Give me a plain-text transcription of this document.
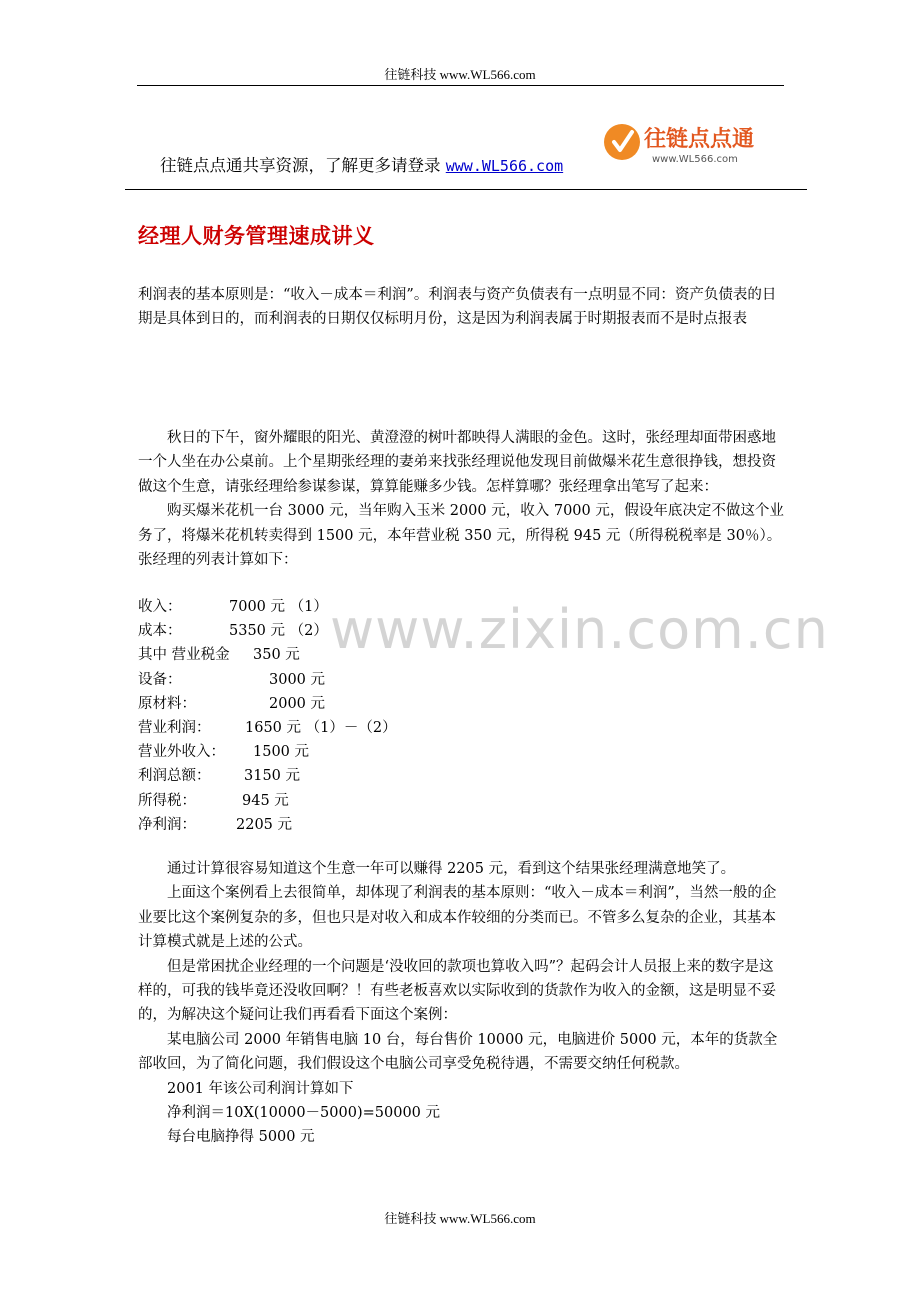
往链科技 www.WL566.com
往链点点通共享资源，了解更多请登录 www.WL566.com
往链点点通
www.WL566.com
经理人财务管理速成讲义

利润表的基本原则是：“收入－成本＝利润”。利润表与资产负债表有一点明显不同：资产负债表的日期是具体到日的，而利润表的日期仅仅标明月份，这是因为利润表属于时期报表而不是时点报表

秋日的下午，窗外耀眼的阳光、黄澄澄的树叶都映得人满眼的金色。这时，张经理却面带困惑地一个人坐在办公桌前。上个星期张经理的妻弟来找张经理说他发现目前做爆米花生意很挣钱，想投资做这个生意，请张经理给参谋参谋，算算能赚多少钱。怎样算哪？张经理拿出笔写了起来：

购买爆米花机一台 3000 元，当年购入玉米 2000 元，收入 7000 元，假设年底决定不做这个业务了，将爆米花机转卖得到 1500 元，本年营业税 350 元，所得税 945 元（所得税税率是 30％）。张经理的列表计算如下：

收入：	7000 元 （1）
成本：	5350 元 （2）
其中 营业税金 350 元
设备：	3000 元
原材料：	2000 元
营业利润： 1650 元 （1）－（2）
营业外收入： 1500 元
利润总额： 3150 元
所得税：	945 元
净利润：	2205 元
www.zixin.com.cn

通过计算很容易知道这个生意一年可以赚得 2205 元，看到这个结果张经理满意地笑了。

上面这个案例看上去很简单，却体现了利润表的基本原则：“收入－成本＝利润”，当然一般的企业要比这个案例复杂的多，但也只是对收入和成本作较细的分类而已。不管多么复杂的企业，其基本计算模式就是上述的公式。

但是常困扰企业经理的一个问题是‘没收回的款项也算收入吗”？起码会计人员报上来的数字是这样的，可我的钱毕竟还没收回啊？！有些老板喜欢以实际收到的货款作为收入的金额，这是明显不妥的，为解决这个疑问让我们再看看下面这个案例：

某电脑公司 2000 年销售电脑 10 台，每台售价 10000 元，电脑进价 5000 元，本年的货款全部收回，为了简化问题，我们假设这个电脑公司享受免税待遇，不需要交纳任何税款。

2001 年该公司利润计算如下

净利润＝10X(10000－5000)=50000 元

每台电脑挣得 5000 元

往链科技 www.WL566.com
